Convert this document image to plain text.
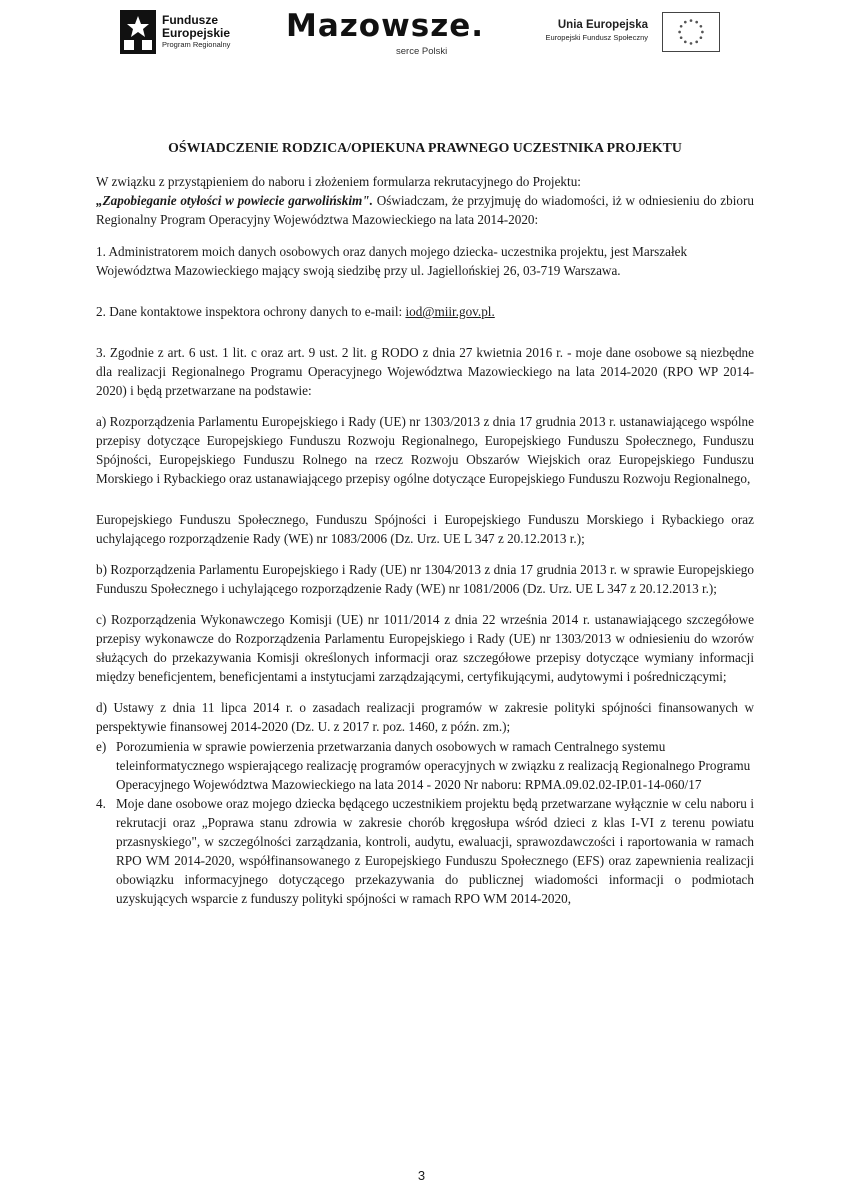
Fundusze
Europejskie
Program Regionalny
Mazowsze.
serce Polski
Unia Europejska
Europejski Fundusz Społeczny

OŚWIADCZENIE RODZICA/OPIEKUNA PRAWNEGO UCZESTNIKA PROJEKTU

W związku z przystąpieniem do naboru i złożeniem formularza rekrutacyjnego do Projektu:
„Zapobieganie otyłości w powiecie garwolińskim". Oświadczam, że przyjmuję do wiadomości, iż w odniesieniu do zbioru Regionalny Program Operacyjny Województwa Mazowieckiego na lata 2014-2020:

1. Administratorem moich danych osobowych oraz danych mojego dziecka- uczestnika projektu, jest Marszałek Województwa Mazowieckiego mający swoją siedzibę przy ul. Jagiellońskiej 26, 03-719 Warszawa.

2. Dane kontaktowe inspektora ochrony danych to e-mail: iod@miir.gov.pl.

3. Zgodnie z art. 6 ust. 1 lit. c oraz art. 9 ust. 2 lit. g RODO z dnia 27 kwietnia 2016 r. - moje dane osobowe są niezbędne dla realizacji Regionalnego Programu Operacyjnego Województwa Mazowieckiego na lata 2014-2020 (RPO WP 2014-2020) i będą przetwarzane na podstawie:

a) Rozporządzenia Parlamentu Europejskiego i Rady (UE) nr 1303/2013 z dnia 17 grudnia 2013 r. ustanawiającego wspólne przepisy dotyczące Europejskiego Funduszu Rozwoju Regionalnego, Europejskiego Funduszu Społecznego, Funduszu Spójności, Europejskiego Funduszu Rolnego na rzecz Rozwoju Obszarów Wiejskich oraz Europejskiego Funduszu Morskiego i Rybackiego oraz ustanawiającego przepisy ogólne dotyczące Europejskiego Funduszu Rozwoju Regionalnego,

Europejskiego Funduszu Społecznego, Funduszu Spójności i Europejskiego Funduszu Morskiego i Rybackiego oraz uchylającego rozporządzenie Rady (WE) nr 1083/2006 (Dz. Urz. UE L 347 z 20.12.2013 r.);

b) Rozporządzenia Parlamentu Europejskiego i Rady (UE) nr 1304/2013 z dnia 17 grudnia 2013 r. w sprawie Europejskiego Funduszu Społecznego i uchylającego rozporządzenie Rady (WE) nr 1081/2006 (Dz. Urz. UE L 347 z 20.12.2013 r.);

c) Rozporządzenia Wykonawczego Komisji (UE) nr 1011/2014 z dnia 22 września 2014 r. ustanawiającego szczegółowe przepisy wykonawcze do Rozporządzenia Parlamentu Europejskiego i Rady (UE) nr 1303/2013 w odniesieniu do wzorów służących do przekazywania Komisji określonych informacji oraz szczegółowe przepisy dotyczące wymiany informacji między beneficjentem, beneficjentami a instytucjami zarządzającymi, certyfikującymi, audytowymi i pośredniczącymi;

d) Ustawy z dnia 11 lipca 2014 r. o zasadach realizacji programów w zakresie polityki spójności finansowanych w perspektywie finansowej 2014-2020 (Dz. U. z 2017 r. poz. 1460, z późn. zm.);

e) Porozumienia w sprawie powierzenia przetwarzania danych osobowych w ramach Centralnego systemu teleinformatycznego wspierającego realizację programów operacyjnych w związku z realizacją Regionalnego Programu Operacyjnego Województwa Mazowieckiego na lata 2014 - 2020 Nr naboru: RPMA.09.02.02-IP.01-14-060/17

4. Moje dane osobowe oraz mojego dziecka będącego uczestnikiem projektu będą przetwarzane wyłącznie w celu naboru i rekrutacji oraz „Poprawa stanu zdrowia w zakresie chorób kręgosłupa wśród dzieci z klas I-VI z terenu powiatu przasnyskiego", w szczególności zarządzania, kontroli, audytu, ewaluacji, sprawozdawczości i raportowania w ramach RPO WM 2014-2020, współfinansowanego z Europejskiego Funduszu Społecznego (EFS) oraz zapewnienia realizacji obowiązku informacyjnego dotyczącego przekazywania do publicznej wiadomości informacji o podmiotach uzyskujących wsparcie z funduszy polityki spójności w ramach RPO WM 2014-2020,

3
